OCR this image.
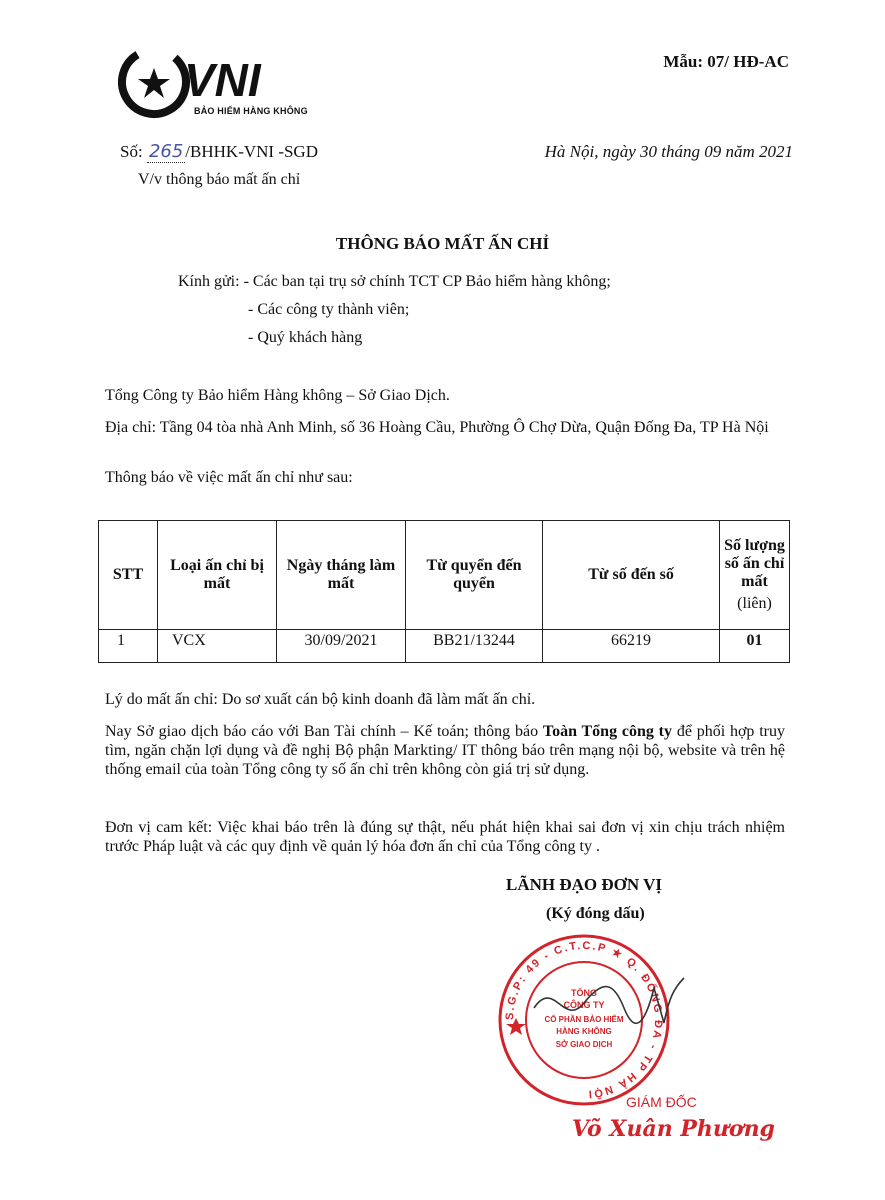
VNI
BẢO HIỂM HÀNG KHÔNG
Mẫu: 07/ HĐ-AC
Số: 265 /BHHK-VNI -SGD	Hà Nội, ngày 30 tháng 09 năm 2021
V/v thông báo mất ấn chỉ
THÔNG BÁO MẤT ẤN CHỈ
Kính gửi: - Các ban tại trụ sở chính TCT CP Bảo hiểm hàng không;
- Các công ty thành viên;
- Quý khách hàng
Tổng Công ty Bảo hiểm Hàng không – Sở Giao Dịch.
Địa chỉ: Tầng 04 tòa nhà Anh Minh, số 36 Hoàng Cầu, Phường Ô Chợ Dừa, Quận Đống Đa, TP Hà Nội
Thông báo về việc mất ấn chỉ như sau:
STT	Loại ấn chỉ bị mất	Ngày tháng làm mất	Từ quyển đến quyển	Từ số đến số	Số lượng số ấn chỉ mất
(liên)

1	VCX	30/09/2021	BB21/13244	66219	01
Lý do mất ấn chỉ: Do sơ xuất cán bộ kinh doanh đã làm mất ấn chỉ.
Nay Sở giao dịch báo cáo với Ban Tài chính – Kế toán; thông báo Toàn Tổng công ty để phối hợp truy tìm, ngăn chặn lợi dụng và đề nghị Bộ phận Markting/ IT thông báo trên mạng nội bộ, website và trên hệ thống email của toàn Tổng công ty số ấn chỉ trên không còn giá trị sử dụng.
Đơn vị cam kết: Việc khai báo trên là đúng sự thật, nếu phát hiện khai sai đơn vị xin chịu trách nhiệm trước Pháp luật và các quy định về quản lý hóa đơn ấn chỉ của Tổng công ty .
LÃNH ĐẠO ĐƠN VỊ
(Ký đóng dấu)
S.G.P: 49 - C.T.C.P ★ Q. ĐỐNG ĐA - TP HÀ NỘI
TỔNG
CÔNG TY
CỔ PHẦN BẢO HIỂM
HÀNG KHÔNG
SỞ GIAO DỊCH
GIÁM ĐỐC
Võ Xuân Phương
